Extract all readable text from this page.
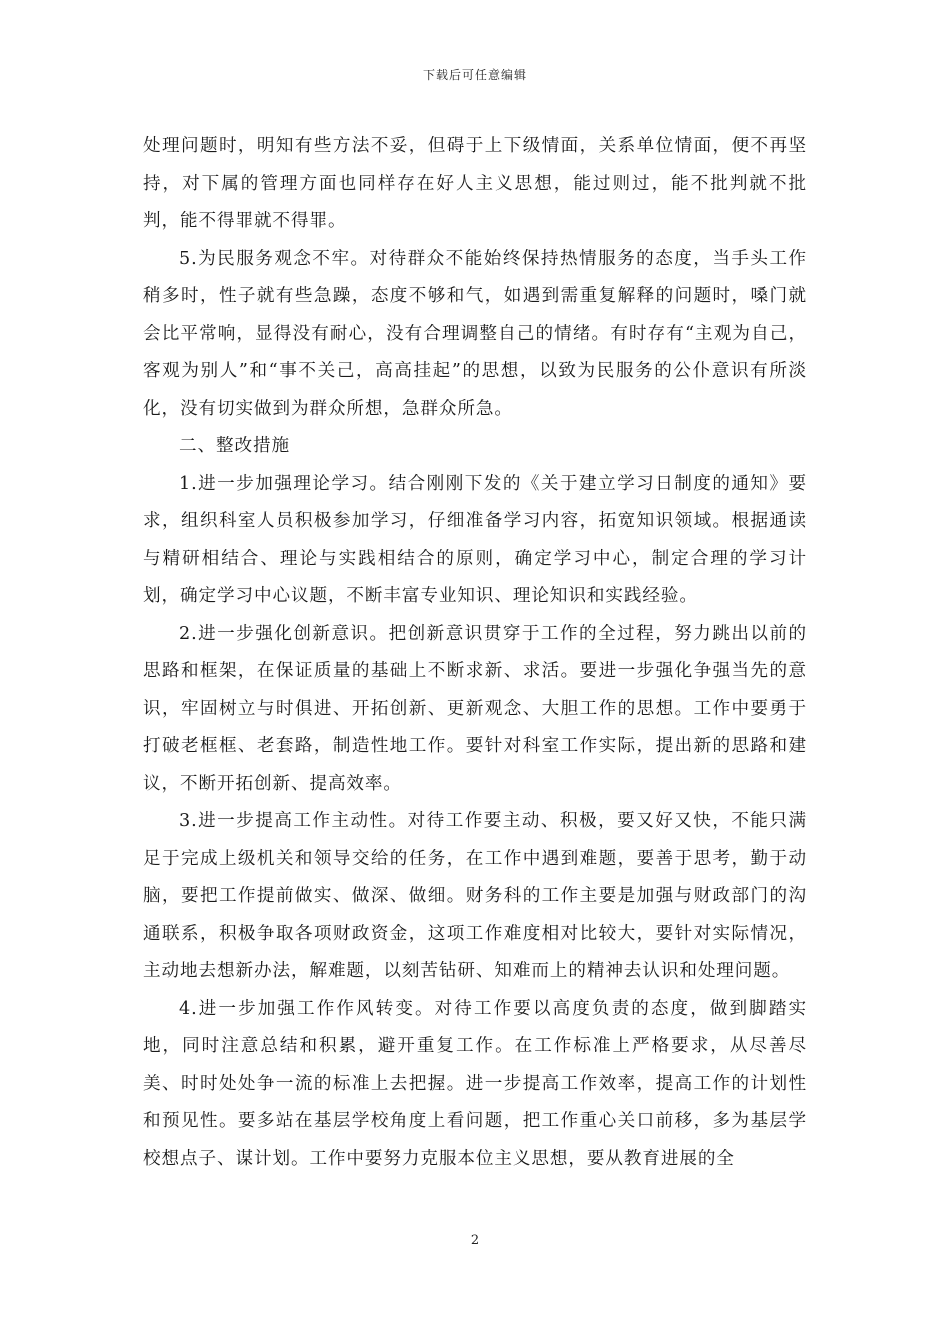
下载后可任意编辑

处理问题时，明知有些方法不妥，但碍于上下级情面，关系单位情面，便不再坚持，对下属的管理方面也同样存在好人主义思想，能过则过，能不批判就不批判，能不得罪就不得罪。

5.为民服务观念不牢。对待群众不能始终保持热情服务的态度，当手头工作稍多时，性子就有些急躁，态度不够和气，如遇到需重复解释的问题时，嗓门就会比平常响，显得没有耐心，没有合理调整自己的情绪。有时存有“主观为自己，客观为别人”和“事不关己，高高挂起”的思想，以致为民服务的公仆意识有所淡化，没有切实做到为群众所想，急群众所急。

二、整改措施

1.进一步加强理论学习。结合刚刚下发的《关于建立学习日制度的通知》要求，组织科室人员积极参加学习，仔细准备学习内容，拓宽知识领域。根据通读与精研相结合、理论与实践相结合的原则，确定学习中心，制定合理的学习计划，确定学习中心议题，不断丰富专业知识、理论知识和实践经验。

2.进一步强化创新意识。把创新意识贯穿于工作的全过程，努力跳出以前的思路和框架，在保证质量的基础上不断求新、求活。要进一步强化争强当先的意识，牢固树立与时俱进、开拓创新、更新观念、大胆工作的思想。工作中要勇于打破老框框、老套路，制造性地工作。要针对科室工作实际，提出新的思路和建议，不断开拓创新、提高效率。

3.进一步提高工作主动性。对待工作要主动、积极，要又好又快，不能只满足于完成上级机关和领导交给的任务，在工作中遇到难题，要善于思考，勤于动脑，要把工作提前做实、做深、做细。财务科的工作主要是加强与财政部门的沟通联系，积极争取各项财政资金，这项工作难度相对比较大，要针对实际情况，主动地去想新办法，解难题，以刻苦钻研、知难而上的精神去认识和处理问题。

4.进一步加强工作作风转变。对待工作要以高度负责的态度，做到脚踏实地，同时注意总结和积累，避开重复工作。在工作标准上严格要求，从尽善尽美、时时处处争一流的标准上去把握。进一步提高工作效率，提高工作的计划性和预见性。要多站在基层学校角度上看问题，把工作重心关口前移，多为基层学校想点子、谋计划。工作中要努力克服本位主义思想，要从教育进展的全

2
